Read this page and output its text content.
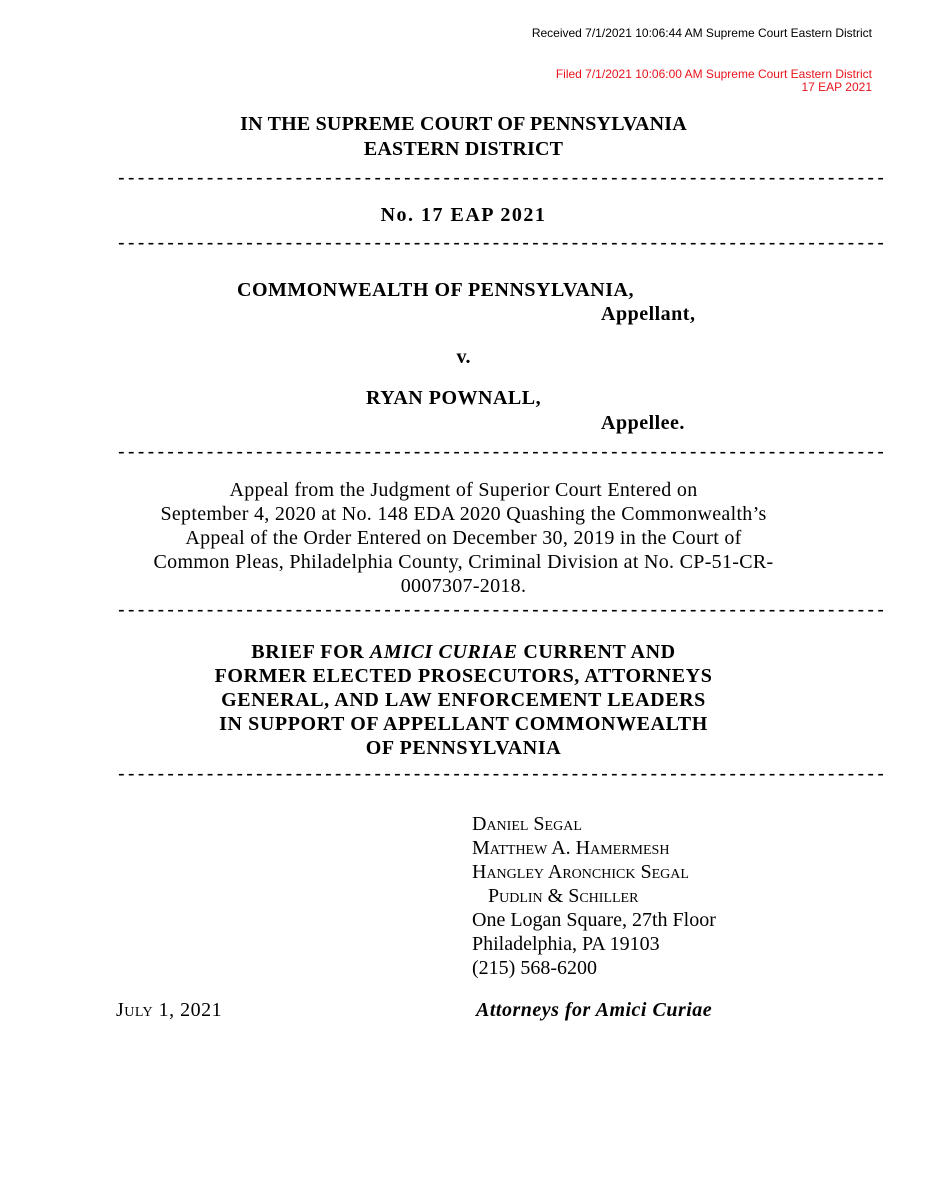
Received 7/1/2021 10:06:44 AM Supreme Court Eastern District
Filed 7/1/2021 10:06:00 AM Supreme Court Eastern District
17 EAP 2021
IN THE SUPREME COURT OF PENNSYLVANIA
EASTERN DISTRICT
------------------------------------------------------------------------------
No. 17 EAP 2021
------------------------------------------------------------------------------
COMMONWEALTH OF PENNSYLVANIA,
Appellant,
v.
RYAN POWNALL,
Appellee.
------------------------------------------------------------------------------
Appeal from the Judgment of Superior Court Entered on
September 4, 2020 at No. 148 EDA 2020 Quashing the Commonwealth’s
Appeal of the Order Entered on December 30, 2019 in the Court of
Common Pleas, Philadelphia County, Criminal Division at No. CP-51-CR-
0007307-2018.
------------------------------------------------------------------------------
BRIEF FOR AMICI CURIAE CURRENT AND
FORMER ELECTED PROSECUTORS, ATTORNEYS
GENERAL, AND LAW ENFORCEMENT LEADERS
IN SUPPORT OF APPELLANT COMMONWEALTH
OF PENNSYLVANIA
------------------------------------------------------------------------------
Daniel Segal
Matthew A. Hamermesh
Hangley Aronchick Segal
Pudlin & Schiller
One Logan Square, 27th Floor
Philadelphia, PA 19103
(215) 568-6200
July 1, 2021	Attorneys for Amici Curiae
